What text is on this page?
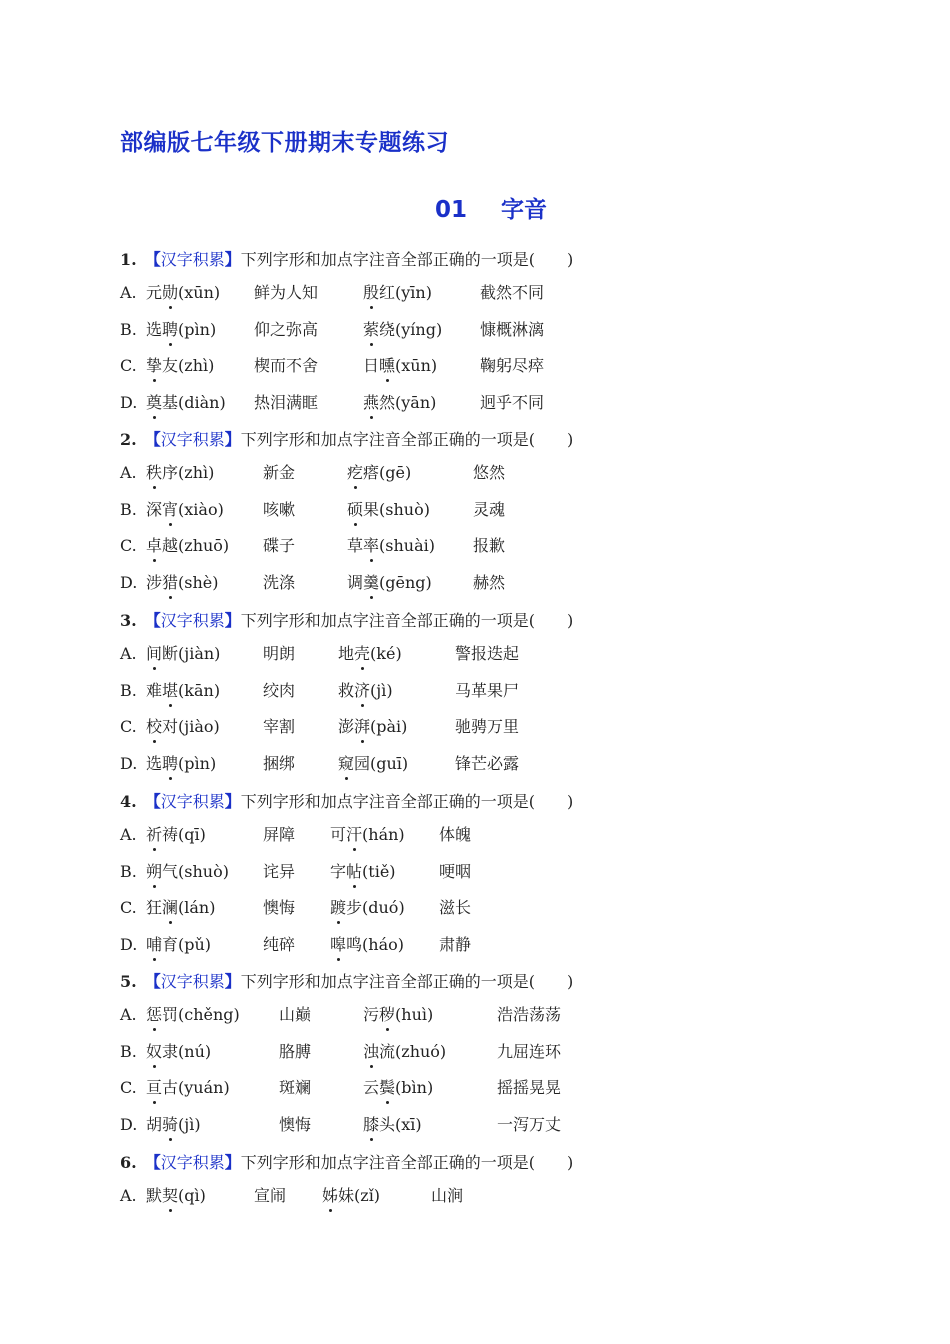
部编版七年级下册期末专题练习
01 字音
1. 【汉字积累】下列字形和加点字注音全部正确的一项是(　　)
A. 元勋(xūn) 鲜为人知	殷红(yīn)	截然不同
B. 选聘(pìn) 仰之弥高	萦绕(yíng) 慷概淋漓
C. 挚友(zhì) 楔而不舍	日曛(xūn)	鞠躬尽瘁
D. 奠基(diàn) 热泪满眶	燕然(yān)	迥乎不同
2. 【汉字积累】下列字形和加点字注音全部正确的一项是(　　)
A. 秩序(zhì)	新金	疙瘩(gē)	悠然
B. 深宵(xiào) 咳嗽	硕果(shuò)	灵魂
C. 卓越(zhuō) 碟子	草率(shuài) 报歉
D. 涉猎(shè)	洗涤	调羹(gēng)	赫然
3. 【汉字积累】下列字形和加点字注音全部正确的一项是(　　)
A. 间断(jiàn)	明朗	地壳(ké)	警报迭起
B. 难堪(kān)	绞肉	救济(jì)	马革果尸
C. 校对(jiào)	宰割	澎湃(pài)	驰骋万里
D. 选聘(pìn)	捆绑	窥园(guī)	锋芒必露
4. 【汉字积累】下列字形和加点字注音全部正确的一项是(　　)
A. 祈祷(qī)	屏障 可汗(hán) 体魄
B. 朔气(shuò) 诧异 字帖(tiě)	哽咽
C. 狂澜(lán)	懊悔 踱步(duó) 滋长
D. 哺育(pǔ)	纯碎 嗥鸣(háo) 肃静
5. 【汉字积累】下列字形和加点字注音全部正确的一项是(　　)
A. 惩罚(chěng) 山巅	污秽(huì)	浩浩荡荡
B. 奴隶(nú)	胳膊	浊流(zhuó)	九屈连环
C. 亘古(yuán)	斑斓	云鬓(bìn)	摇摇晃晃
D. 胡骑(jì)	懊悔	膝头(xī)	一泻万丈
6. 【汉字积累】下列字形和加点字注音全部正确的一项是(　　)
A. 默契(qì)	宣闹 姊妹(zǐ)	山涧
